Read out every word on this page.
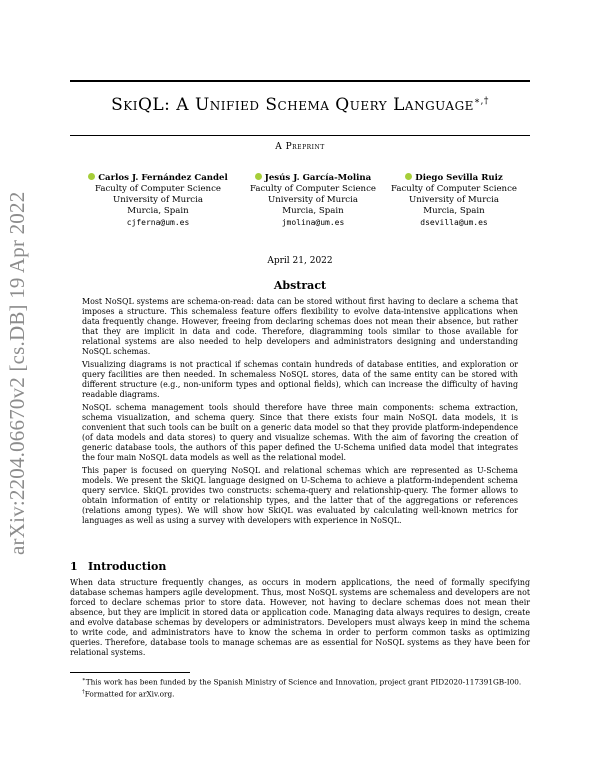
arXiv:2204.06670v2 [cs.DB] 19 Apr 2022
SkiQL: A Unified Schema Query Language∗,†
A Preprint
Carlos J. Fernández Candel
Faculty of Computer Science
University of Murcia
Murcia, Spain
cjferna@um.es
Jesús J. García-Molina
Faculty of Computer Science
University of Murcia
Murcia, Spain
jmolina@um.es
Diego Sevilla Ruiz
Faculty of Computer Science
University of Murcia
Murcia, Spain
dsevilla@um.es
April 21, 2022
Abstract

Most NoSQL systems are schema-on-read: data can be stored without first having to declare a schema that imposes a structure. This schemaless feature offers flexibility to evolve data-intensive applications when data frequently change. However, freeing from declaring schemas does not mean their absence, but rather that they are implicit in data and code. Therefore, diagramming tools similar to those available for relational systems are also needed to help developers and administrators designing and understanding NoSQL schemas.

Visualizing diagrams is not practical if schemas contain hundreds of database entities, and exploration or query facilities are then needed. In schemaless NoSQL stores, data of the same entity can be stored with different structure (e.g., non-uniform types and optional fields), which can increase the difficulty of having readable diagrams.

NoSQL schema management tools should therefore have three main components: schema extraction, schema visualization, and schema query. Since that there exists four main NoSQL data models, it is convenient that such tools can be built on a generic data model so that they provide platform-independence (of data models and data stores) to query and visualize schemas. With the aim of favoring the creation of generic database tools, the authors of this paper defined the U-Schema unified data model that integrates the four main NoSQL data models as well as the relational model.

This paper is focused on querying NoSQL and relational schemas which are represented as U-Schema models. We present the SkiQL language designed on U-Schema to achieve a platform-independent schema query service. SkiQL provides two constructs: schema-query and relationship-query. The former allows to obtain information of entity or relationship types, and the latter that of the aggregations or references (relations among types). We will show how SkiQL was evaluated by calculating well-known metrics for languages as well as using a survey with developers with experience in NoSQL.

1 Introduction

When data structure frequently changes, as occurs in modern applications, the need of formally specifying database schemas hampers agile development. Thus, most NoSQL systems are schemaless and developers are not forced to declare schemas prior to store data. However, not having to declare schemas does not mean their absence, but they are implicit in stored data or application code. Managing data always requires to design, create and evolve database schemas by developers or administrators. Developers must always keep in mind the schema to write code, and administrators have to know the schema in order to perform common tasks as optimizing queries. Therefore, database tools to manage schemas are as essential for NoSQL systems as they have been for relational systems.

∗This work has been funded by the Spanish Ministry of Science and Innovation, project grant PID2020-117391GB-I00.

†Formatted for arXiv.org.
